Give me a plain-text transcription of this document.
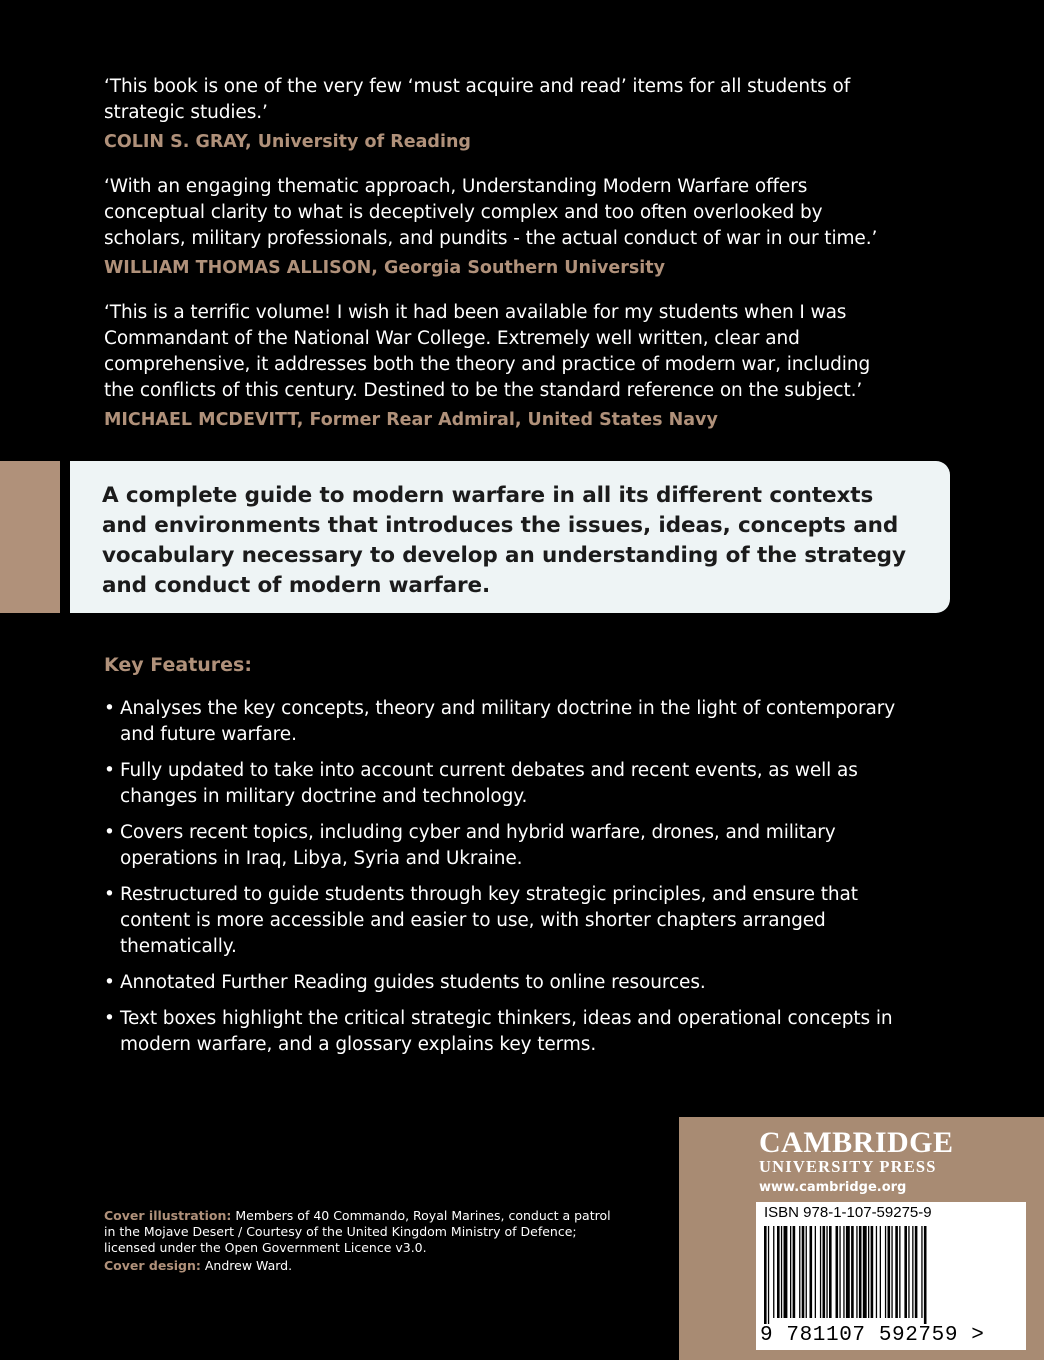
‘This book is one of the very few ‘must acquire and read’ items for all students of strategic studies.’

COLIN S. GRAY, University of Reading

‘With an engaging thematic approach, Understanding Modern Warfare offers conceptual clarity to what is deceptively complex and too often overlooked by scholars, military professionals, and pundits - the actual conduct of war in our time.’

WILLIAM THOMAS ALLISON, Georgia Southern University

‘This is a terrific volume! I wish it had been available for my students when I was Commandant of the National War College. Extremely well written, clear and comprehensive, it addresses both the theory and practice of modern war, including the conflicts of this century. Destined to be the standard reference on the subject.’

MICHAEL MCDEVITT, Former Rear Admiral, United States Navy

A complete guide to modern warfare in all its different contexts and environments that introduces the issues, ideas, concepts and vocabulary necessary to develop an understanding of the strategy and conduct of modern warfare.

Key Features:

• Analyses the key concepts, theory and military doctrine in the light of contemporary and future warfare.
• Fully updated to take into account current debates and recent events, as well as changes in military doctrine and technology.
• Covers recent topics, including cyber and hybrid warfare, drones, and military operations in Iraq, Libya, Syria and Ukraine.
• Restructured to guide students through key strategic principles, and ensure that content is more accessible and easier to use, with shorter chapters arranged thematically.
• Annotated Further Reading guides students to online resources.
• Text boxes highlight the critical strategic thinkers, ideas and operational concepts in modern warfare, and a glossary explains key terms.

Cover illustration: Members of 40 Commando, Royal Marines, conduct a patrol in the Mojave Desert / Courtesy of the United Kingdom Ministry of Defence; licensed under the Open Government Licence v3.0.

Cover design: Andrew Ward.

CAMBRIDGE

UNIVERSITY PRESS

www.cambridge.org

ISBN 978-1-107-59275-9

9 781107 592759 >
